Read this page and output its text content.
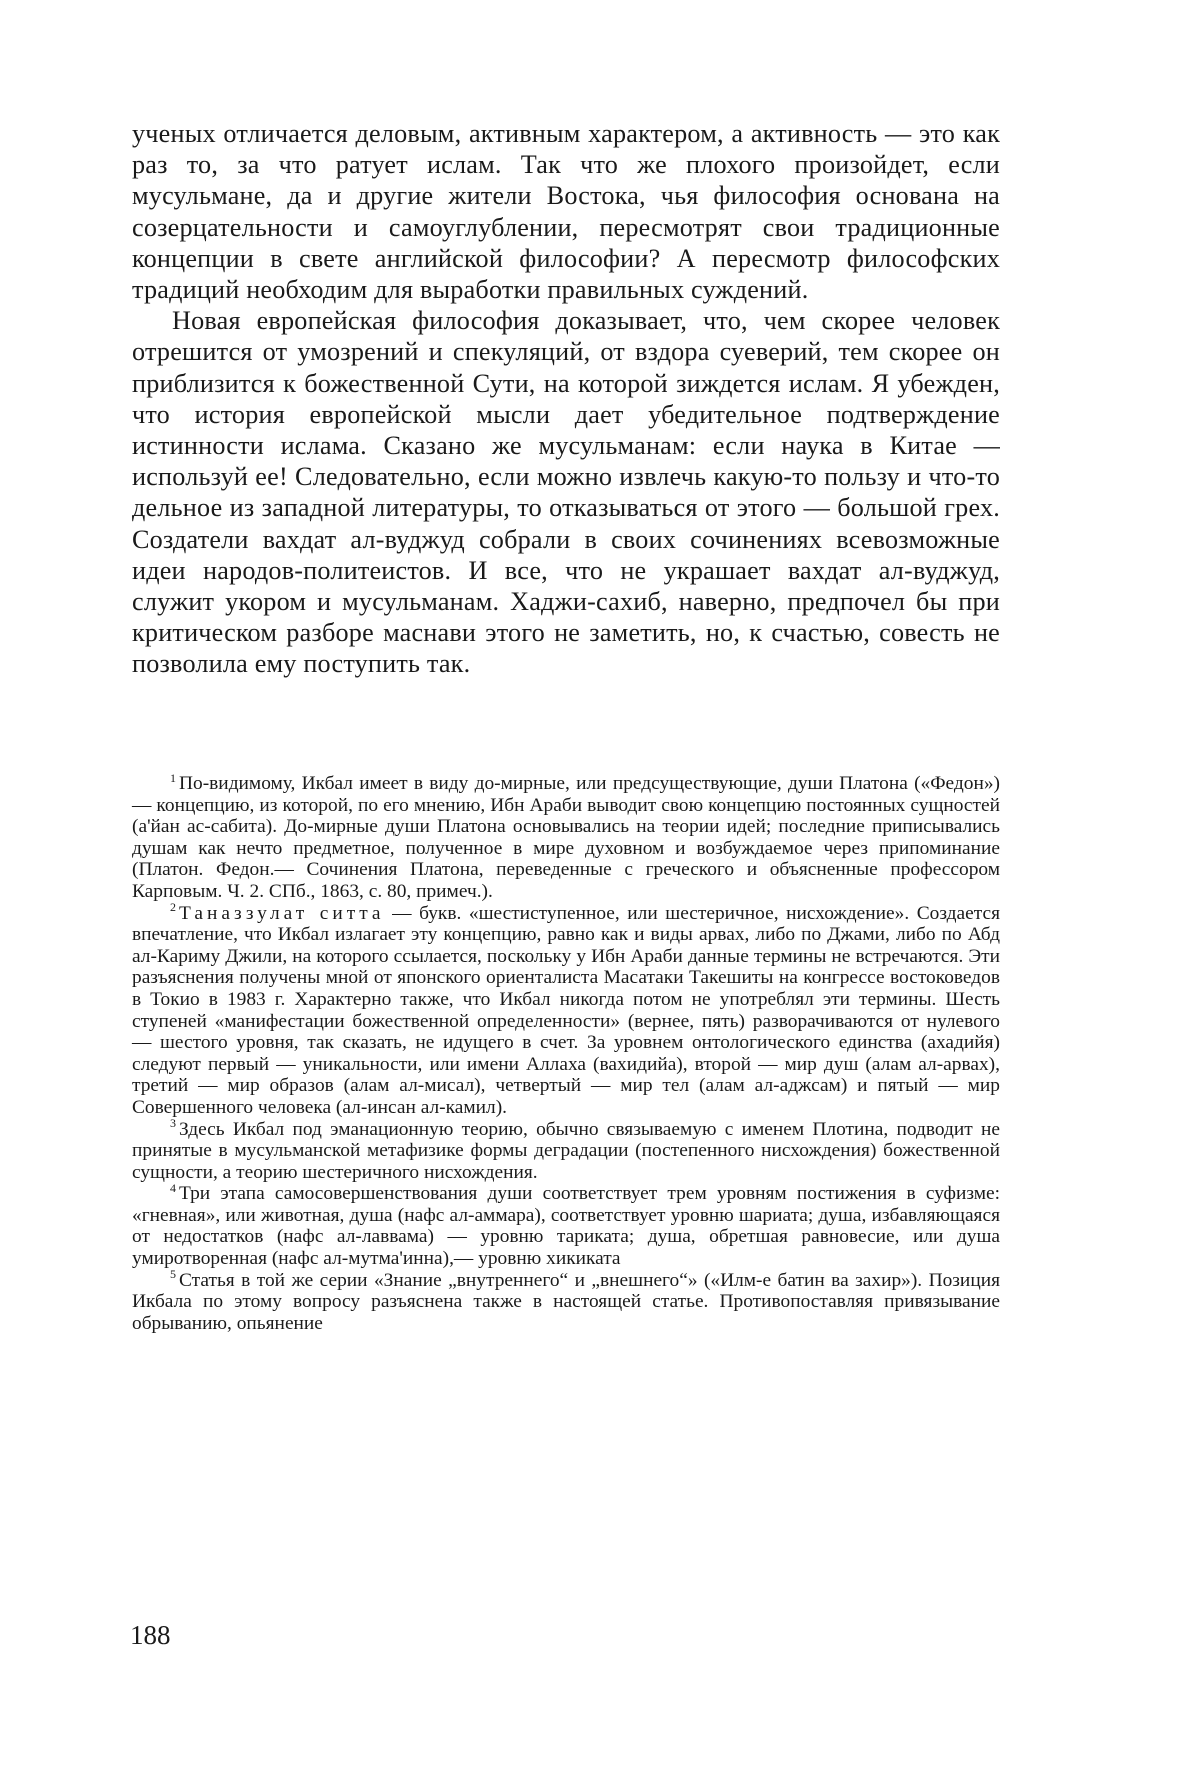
ученых отличается деловым, активным характером, а активность — это как раз то, за что ратует ислам. Так что же плохого произойдет, если мусульмане, да и другие жители Востока, чья философия основана на созерцательности и самоуглублении, пересмотрят свои традиционные концепции в свете английской философии? А пересмотр философских традиций необходим для выработки правильных суждений.

Новая европейская философия доказывает, что, чем скорее человек отрешится от умозрений и спекуляций, от вздора суеверий, тем скорее он приблизится к божественной Сути, на которой зиждется ислам. Я убежден, что история европейской мысли дает убедительное подтверждение истинности ислама. Сказано же мусульманам: если наука в Китае — используй ее! Следовательно, если можно извлечь какую-то пользу и что-то дельное из западной литературы, то отказываться от этого — большой грех. Создатели вахдат ал-вуджуд собрали в своих сочинениях всевозможные идеи народов-политеистов. И все, что не украшает вахдат ал-вуджуд, служит укором и мусульманам. Хаджи-сахиб, наверно, предпочел бы при критическом разборе маснави этого не заметить, но, к счастью, совесть не позволила ему поступить так.

$^1$ По-видимому, Икбал имеет в виду до-мирные, или предсуществующие, души Платона («Федон») — концепцию, из которой, по его мнению, Ибн Араби выводит свою концепцию постоянных сущностей (а'йан ас-сабита). До-мирные души Платона основывались на теории идей; последние приписывались душам как нечто предметное, полученное в мире духовном и возбуждаемое через припоминание (Платон. Федон.— Сочинения Платона, переведенные с греческого и объясненные профессором Карповым. Ч. 2. СПб., 1863, с. 80, примеч.).

$^2$ Таназзулат ситта — букв. «шестиступенное, или шестеричное, нисхождение». Создается впечатление, что Икбал излагает эту концепцию, равно как и виды арвах, либо по Джами, либо по Абд ал-Кариму Джили, на которого ссылается, поскольку у Ибн Араби данные термины не встречаются. Эти разъяснения получены мной от японского ориенталиста Масатаки Такешиты на конгрессе востоковедов в Токио в 1983 г. Характерно также, что Икбал никогда потом не употреблял эти термины. Шесть ступеней «манифестации божественной определенности» (вернее, пять) разворачиваются от нулевого — шестого уровня, так сказать, не идущего в счет. За уровнем онтологического единства (ахадийя) следуют первый — уникальности, или имени Аллаха (вахидийа), второй — мир душ (алам ал-арвах), третий — мир образов (алам ал-мисал), четвертый — мир тел (алам ал-аджсам) и пятый — мир Совершенного человека (ал-инсан ал-камил).

$^3$ Здесь Икбал под эманационную теорию, обычно связываемую с именем Плотина, подводит не принятые в мусульманской метафизике формы деградации (постепенного нисхождения) божественной сущности, а теорию шестеричного нисхождения.

$^4$ Три этапа самосовершенствования души соответствует трем уровням постижения в суфизме: «гневная», или животная, душа (нафс ал-аммара), соответствует уровню шариата; душа, избавляющаяся от недостатков (нафс ал-лаввама) — уровню тариката; душа, обретшая равновесие, или душа умиротворенная (нафс ал-мутма'инна),— уровню хикиката

$^5$ Статья в той же серии «Знание „внутреннего“ и „внешнего“» («Илм-е батин ва захир»). Позиция Икбала по этому вопросу разъяснена также в настоящей статье. Противопоставляя привязывание обрыванию, опьянение

188
